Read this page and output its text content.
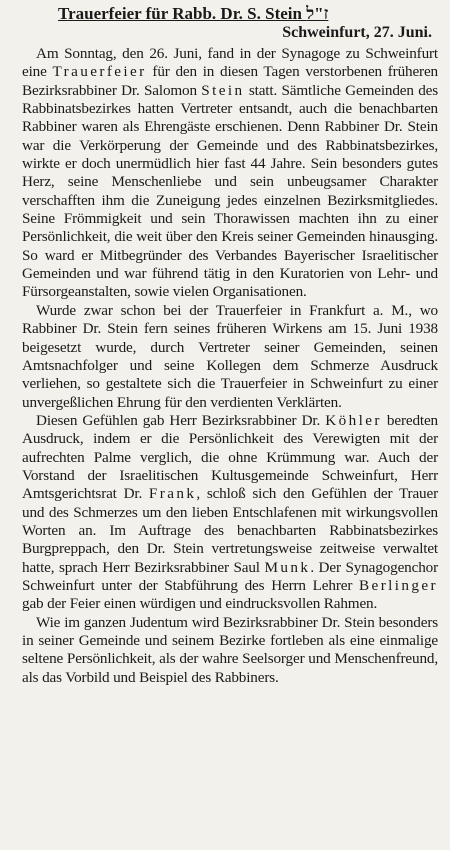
Trauerfeier für Rabb. Dr. S. Stein ז"ל
Schweinfurt, 27. Juni.

Am Sonntag, den 26. Juni, fand in der Synagoge zu Schweinfurt eine Trauerfeier für den in diesen Tagen verstorbenen früheren Bezirksrabbiner Dr. Salomon Stein statt. Sämtliche Gemeinden des Rabbinatsbezirkes hatten Vertreter entsandt, auch die benachbarten Rabbiner waren als Ehrengäste erschienen. Denn Rabbiner Dr. Stein war die Verkörperung der Gemeinde und des Rabbinatsbezirkes, wirkte er doch unermüdlich hier fast 44 Jahre. Sein besonders gutes Herz, seine Menschenliebe und sein unbeugsamer Charakter verschafften ihm die Zuneigung jedes einzelnen Bezirksmitgliedes. Seine Frömmigkeit und sein Thorawissen machten ihn zu einer Persönlichkeit, die weit über den Kreis seiner Gemeinden hinausging. So ward er Mitbegründer des Verbandes Bayerischer Israelitischer Gemeinden und war führend tätig in den Kuratorien von Lehr- und Fürsorgeanstalten, sowie vielen Organisationen.

Wurde zwar schon bei der Trauerfeier in Frankfurt a. M., wo Rabbiner Dr. Stein fern seines früheren Wirkens am 15. Juni 1938 beigesetzt wurde, durch Vertreter seiner Gemeinden, seinen Amtsnachfolger und seine Kollegen dem Schmerze Ausdruck verliehen, so gestaltete sich die Trauerfeier in Schweinfurt zu einer unvergeßlichen Ehrung für den verdienten Verklärten.

Diesen Gefühlen gab Herr Bezirksrabbiner Dr. Köhler beredten Ausdruck, indem er die Persönlichkeit des Verewigten mit der aufrechten Palme verglich, die ohne Krümmung war. Auch der Vorstand der Israelitischen Kultusgemeinde Schweinfurt, Herr Amtsgerichtsrat Dr. Frank, schloß sich den Gefühlen der Trauer und des Schmerzes um den lieben Entschlafenen mit wirkungsvollen Worten an. Im Auftrage des benachbarten Rabbinatsbezirkes Burgpreppach, den Dr. Stein vertretungsweise zeitweise verwaltet hatte, sprach Herr Bezirksrabbiner Saul Munk. Der Synagogenchor Schweinfurt unter der Stabführung des Herrn Lehrer Berlinger gab der Feier einen würdigen und eindrucksvollen Rahmen.

Wie im ganzen Judentum wird Bezirksrabbiner Dr. Stein besonders in seiner Gemeinde und seinem Bezirke fortleben als eine einmalige seltene Persönlichkeit, als der wahre Seelsorger und Menschenfreund, als das Vorbild und Beispiel des Rabbiners.
